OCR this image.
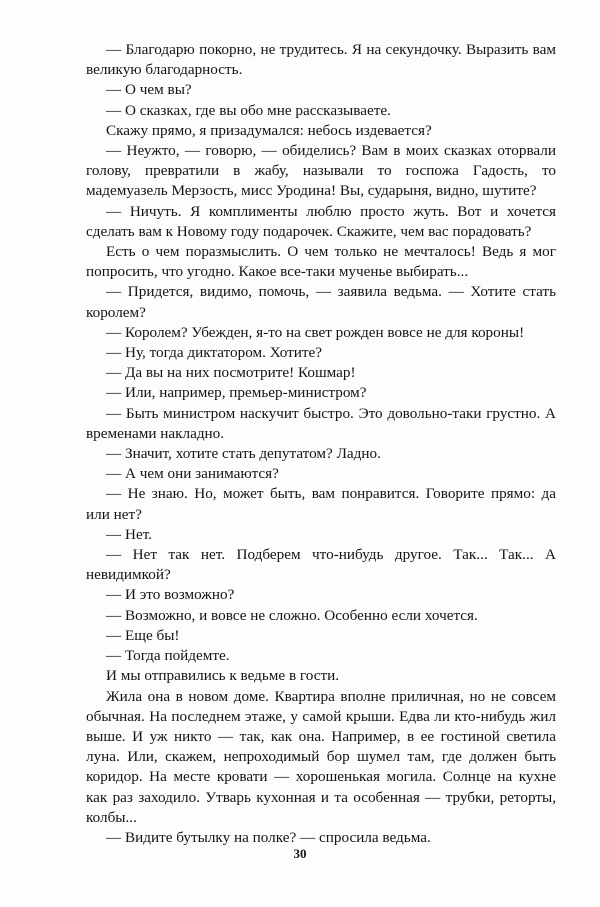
— Благодарю покорно, не трудитесь. Я на секундочку. Выразить вам великую благодарность.

— О чем вы?

— О сказках, где вы обо мне рассказываете.

Скажу прямо, я призадумался: небось издевается?

— Неужто, — говорю, — обиделись? Вам в моих сказках оторвали голову, превратили в жабу, называли то госпожа Гадость, то мадемуазель Мерзость, мисс Уродина! Вы, сударыня, видно, шутите?

— Ничуть. Я комплименты люблю просто жуть. Вот и хочется сделать вам к Новому году подарочек. Скажите, чем вас порадовать?

Есть о чем поразмыслить. О чем только не мечталось! Ведь я мог попросить, что угодно. Какое все-таки мученье выбирать...

— Придется, видимо, помочь, — заявила ведьма. — Хотите стать королем?

— Королем? Убежден, я-то на свет рожден вовсе не для короны!

— Ну, тогда диктатором. Хотите?

— Да вы на них посмотрите! Кошмар!

— Или, например, премьер-министром?

— Быть министром наскучит быстро. Это довольно-таки грустно. А временами накладно.

— Значит, хотите стать депутатом? Ладно.

— А чем они занимаются?

— Не знаю. Но, может быть, вам понравится. Говорите прямо: да или нет?

— Нет.

— Нет так нет. Подберем что-нибудь другое. Так... Так... А невидимкой?

— И это возможно?

— Возможно, и вовсе не сложно. Особенно если хочется.

— Еще бы!

— Тогда пойдемте.

И мы отправились к ведьме в гости.

Жила она в новом доме. Квартира вполне приличная, но не совсем обычная. На последнем этаже, у самой крыши. Едва ли кто-нибудь жил выше. И уж никто — так, как она. Например, в ее гостиной светила луна. Или, скажем, непроходимый бор шумел там, где должен быть коридор. На месте кровати — хорошенькая могила. Солнце на кухне как раз заходило. Утварь кухонная и та особенная — трубки, реторты, колбы...

— Видите бутылку на полке? — спросила ведьма.

30
